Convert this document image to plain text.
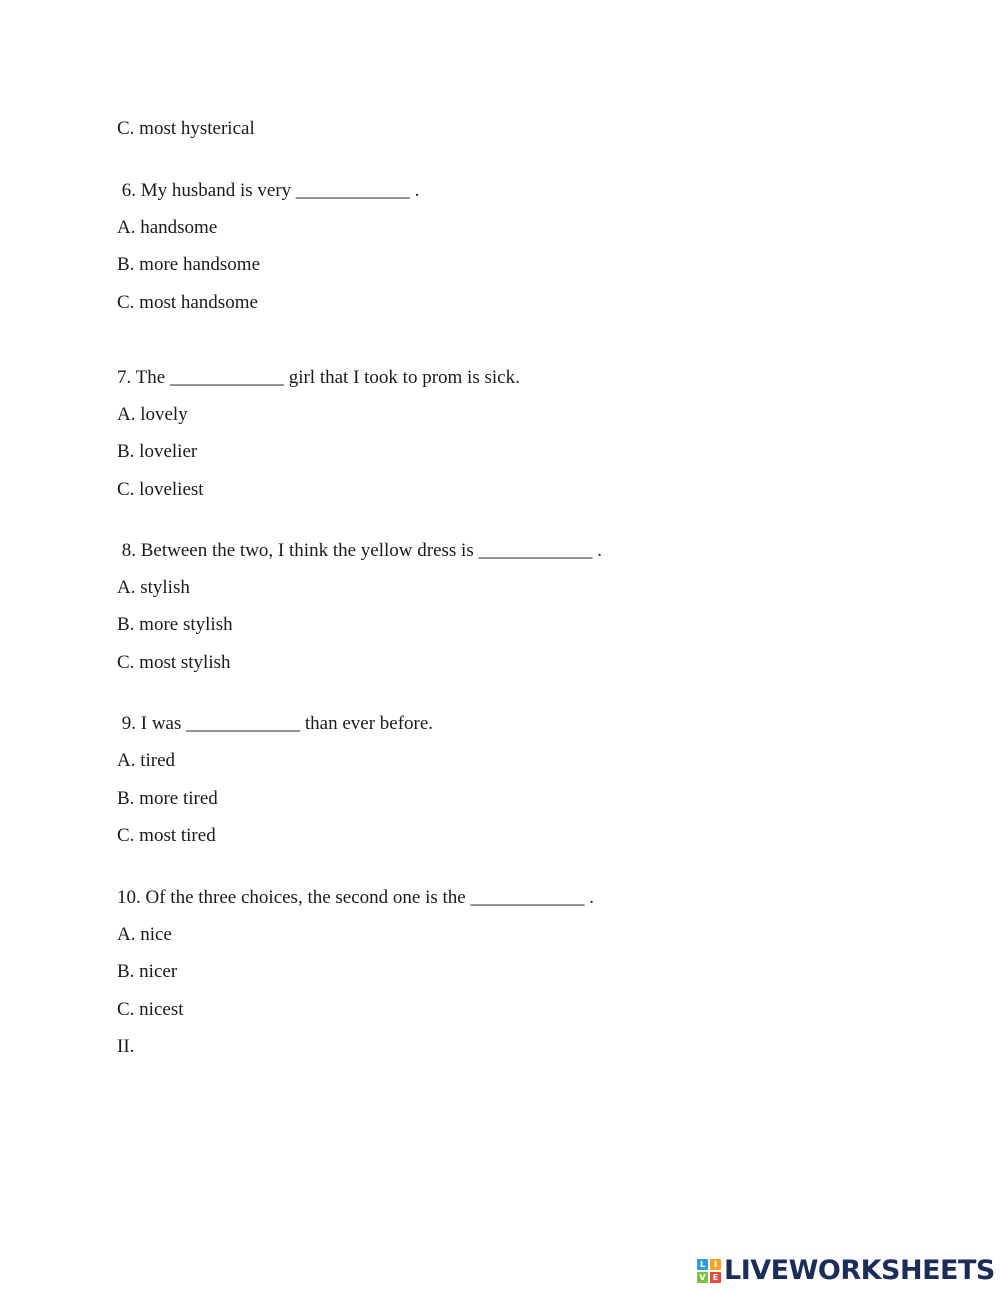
C. most hysterical
6. My husband is very ____________ .
A. handsome
B. more handsome
C. most handsome
7. The ____________ girl that I took to prom is sick.
A. lovely
B. lovelier
C. loveliest
8. Between the two, I think the yellow dress is ____________ .
A. stylish
B. more stylish
C. most stylish
9. I was ____________ than ever before.
A. tired
B. more tired
C. most tired
10. Of the three choices, the second one is the ____________ .
A. nice
B. nicer
C. nicest
II.
L	I
V E LIVEWORKSHEETS
